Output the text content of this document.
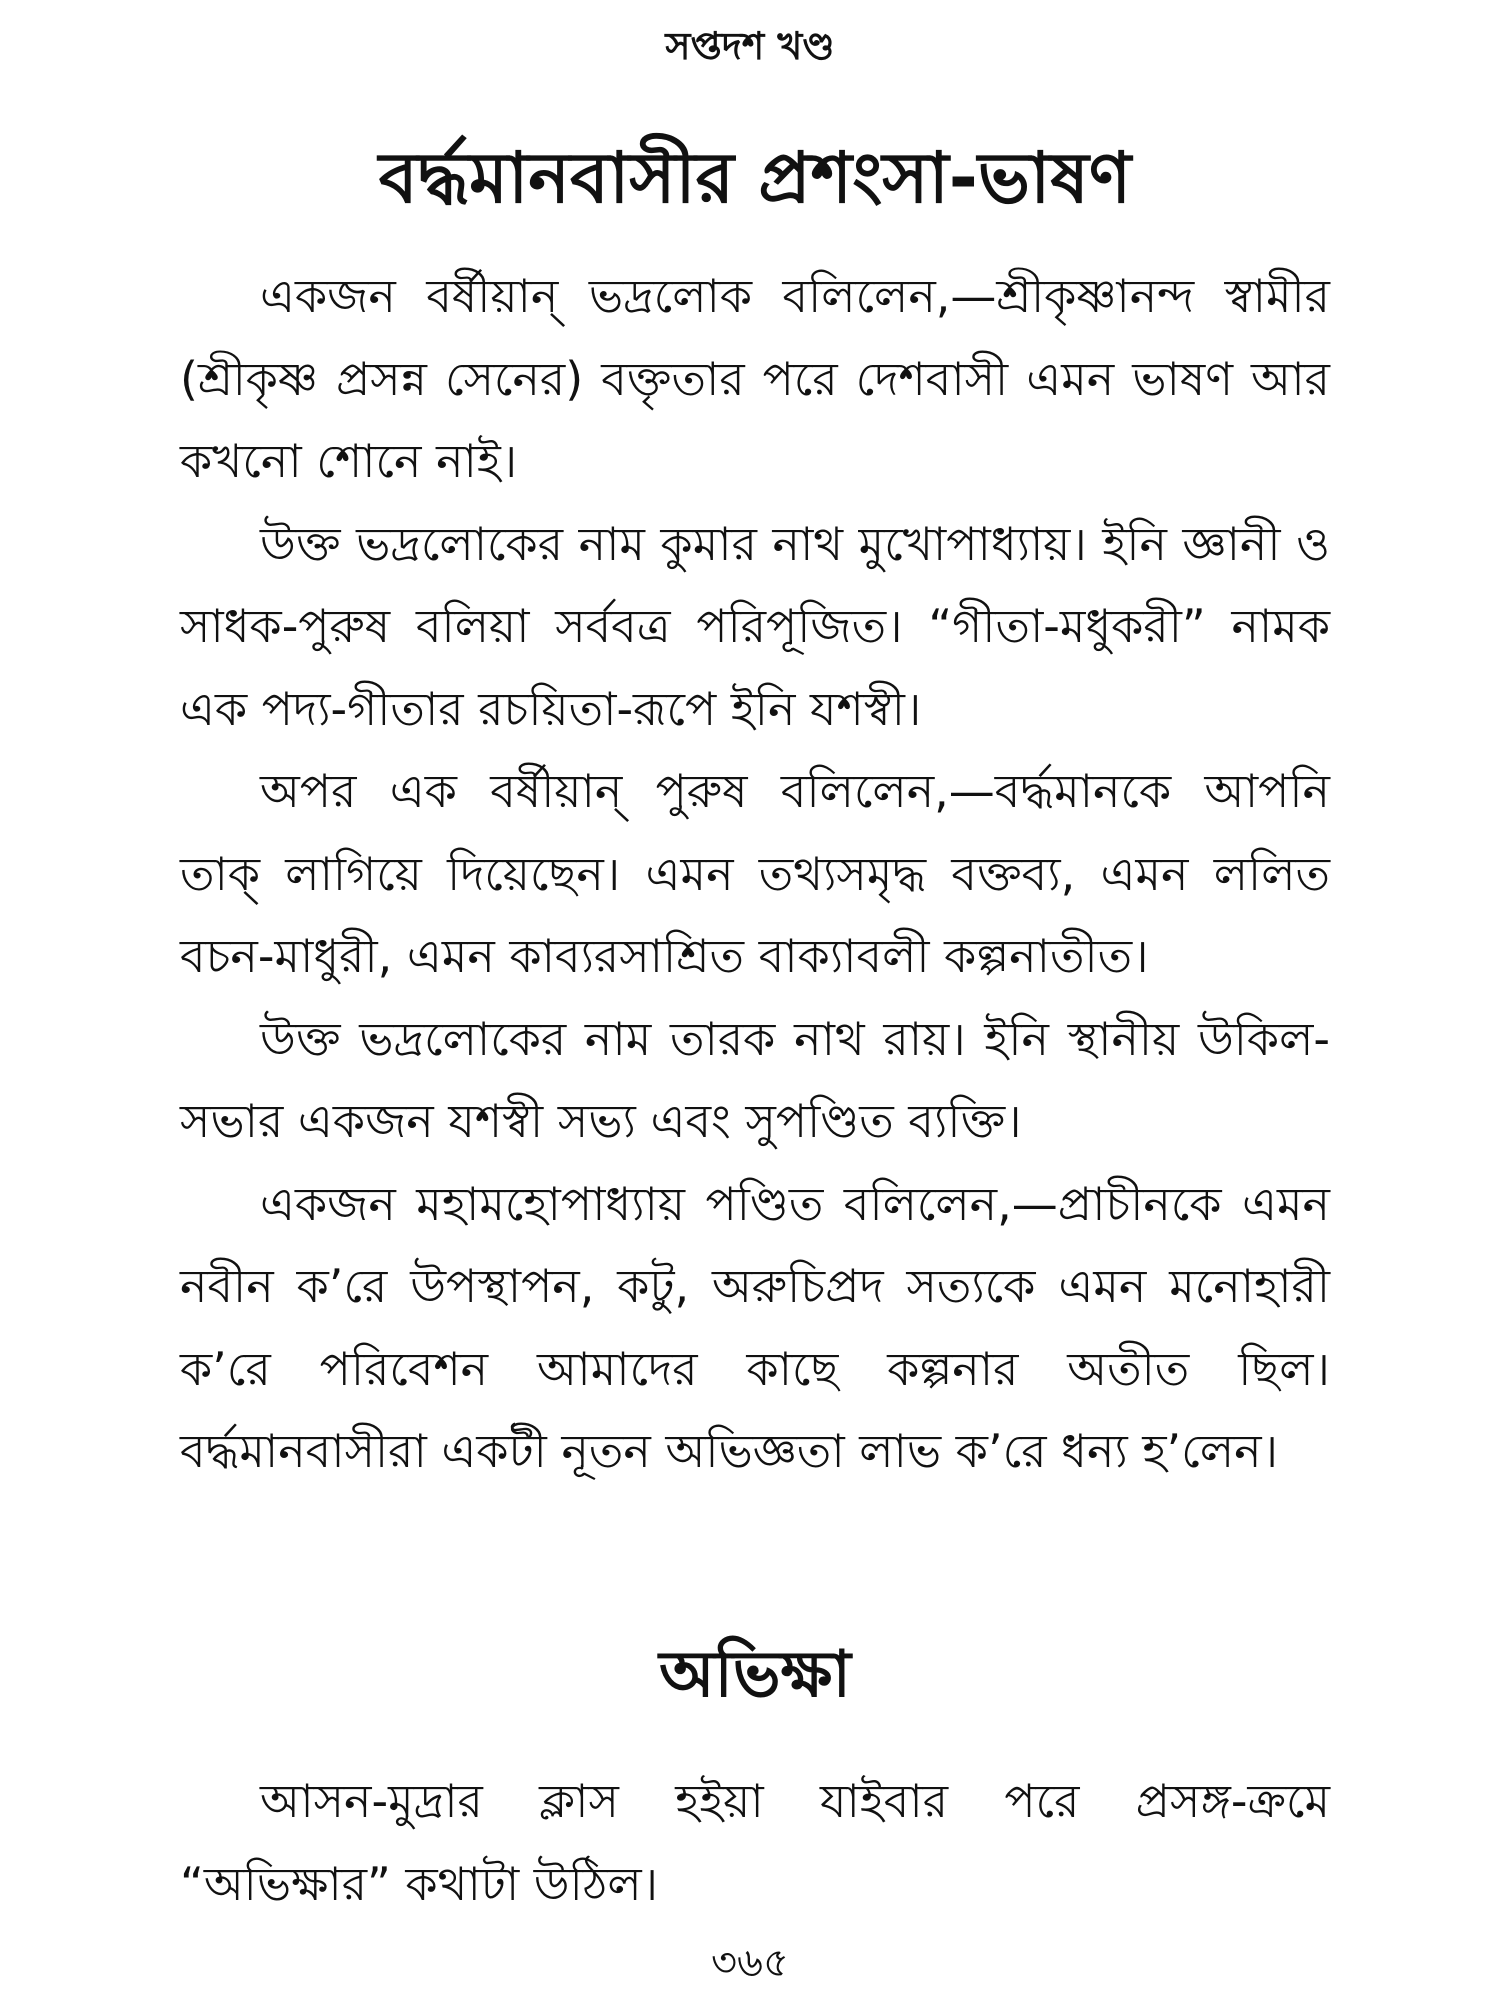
সপ্তদশ খণ্ড
বৰ্দ্ধমানবাসীর প্রশংসা-ভাষণ

একজন বর্ষীয়ান্ ভদ্রলোক বলিলেন,—শ্রীকৃষ্ণানন্দ স্বামীর (শ্রীকৃষ্ণ প্রসন্ন সেনের) বক্তৃতার পরে দেশবাসী এমন ভাষণ আর কখনো শোনে নাই।

উক্ত ভদ্রলোকের নাম কুমার নাথ মুখোপাধ্যায়। ইনি জ্ঞানী ও সাধক-পুরুষ বলিয়া সর্ববত্র পরিপূজিত। “গীতা-মধুকরী” নামক এক পদ্য-গীতার রচয়িতা-রূপে ইনি যশস্বী।

অপর এক বর্ষীয়ান্ পুরুষ বলিলেন,—বৰ্দ্ধমানকে আপনি তাক্ লাগিয়ে দিয়েছেন। এমন তথ্যসমৃদ্ধ বক্তব্য, এমন ললিত বচন-মাধুরী, এমন কাব্যরসাশ্রিত বাক্যাবলী কল্পনাতীত।

উক্ত ভদ্রলোকের নাম তারক নাথ রায়। ইনি স্থানীয় উকিল-সভার একজন যশস্বী সভ্য এবং সুপণ্ডিত ব্যক্তি।

একজন মহামহোপাধ্যায় পণ্ডিত বলিলেন,—প্রাচীনকে এমন নবীন ক’রে উপস্থাপন, কটু, অরুচিপ্রদ সত্যকে এমন মনোহারী ক’রে পরিবেশন আমাদের কাছে কল্পনার অতীত ছিল। বৰ্দ্ধমানবাসীরা একটী নূতন অভিজ্ঞতা লাভ ক’রে ধন্য হ’লেন।

অভিক্ষা

আসন-মুদ্রার ক্লাস হইয়া যাইবার পরে প্রসঙ্গ-ক্রমে “অভিক্ষার” কথাটা উঠিল।

৩৬৫
